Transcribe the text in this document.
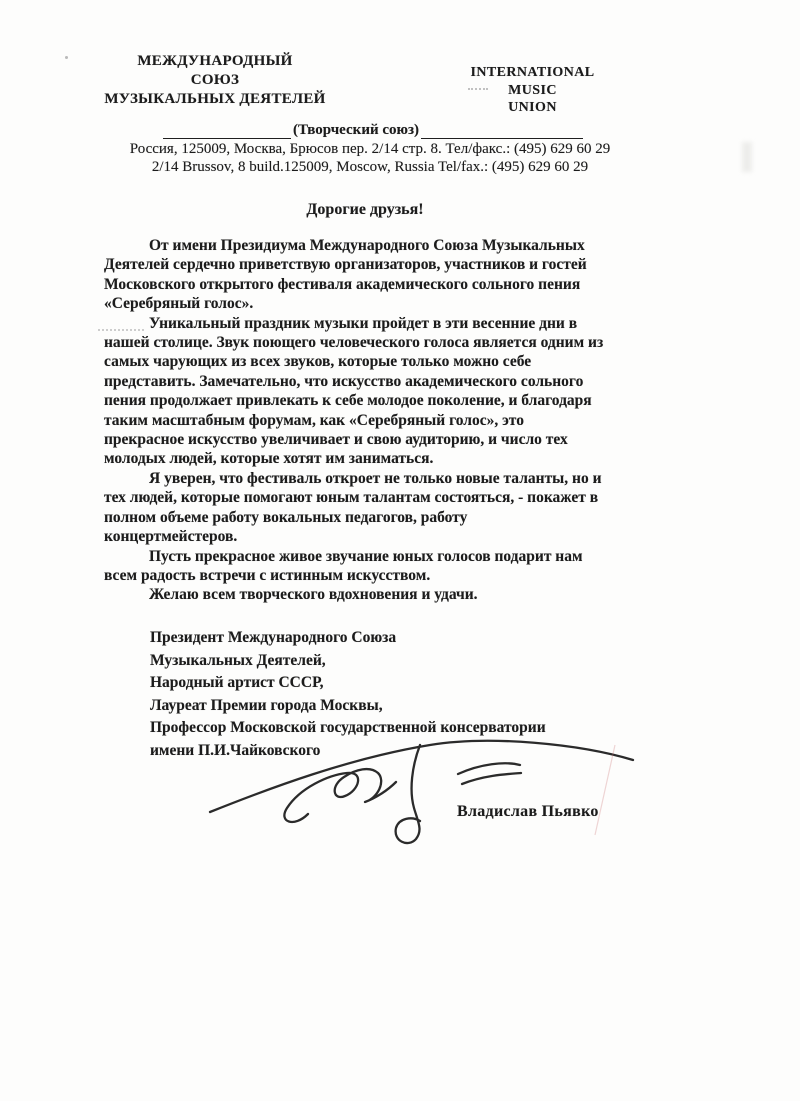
МЕЖДУНАРОДНЫЙ
СОЮЗ
МУЗЫКАЛЬНЫХ ДЕЯТЕЛЕЙ
INTERNATIONAL
MUSIC
UNION
(Творческий союз)
Россия, 125009, Москва, Брюсов пер. 2/14 стр. 8. Тел/факс.: (495) 629 60 29
2/14 Brussov, 8 build.125009, Moscow, Russia Tel/fax.: (495) 629 60 29
Дорогие друзья!

От имени Президиума Международного Союза Музыкальных Деятелей сердечно приветствую организаторов, участников и гостей Московского открытого фестиваля академического сольного пения «Серебряный голос».

Уникальный праздник музыки пройдет в эти весенние дни в нашей столице. Звук поющего человеческого голоса является одним из самых чарующих из всех звуков, которые только можно себе представить. Замечательно, что искусство академического сольного пения продолжает привлекать к себе молодое поколение, и благодаря таким масштабным форумам, как «Серебряный голос», это прекрасное искусство увеличивает и свою аудиторию, и число тех молодых людей, которые хотят им заниматься.

Я уверен, что фестиваль откроет не только новые таланты, но и тех людей, которые помогают юным талантам состояться, - покажет в полном объеме работу вокальных педагогов, работу концертмейстеров.

Пусть прекрасное живое звучание юных голосов подарит нам всем радость встречи с истинным искусством.

Желаю всем творческого вдохновения и удачи.

Президент Международного Союза
Музыкальных Деятелей,
Народный артист СССР,
Лауреат Премии города Москвы,
Профессор Московской государственной консерватории
имени П.И.Чайковского
Владислав Пьявко
